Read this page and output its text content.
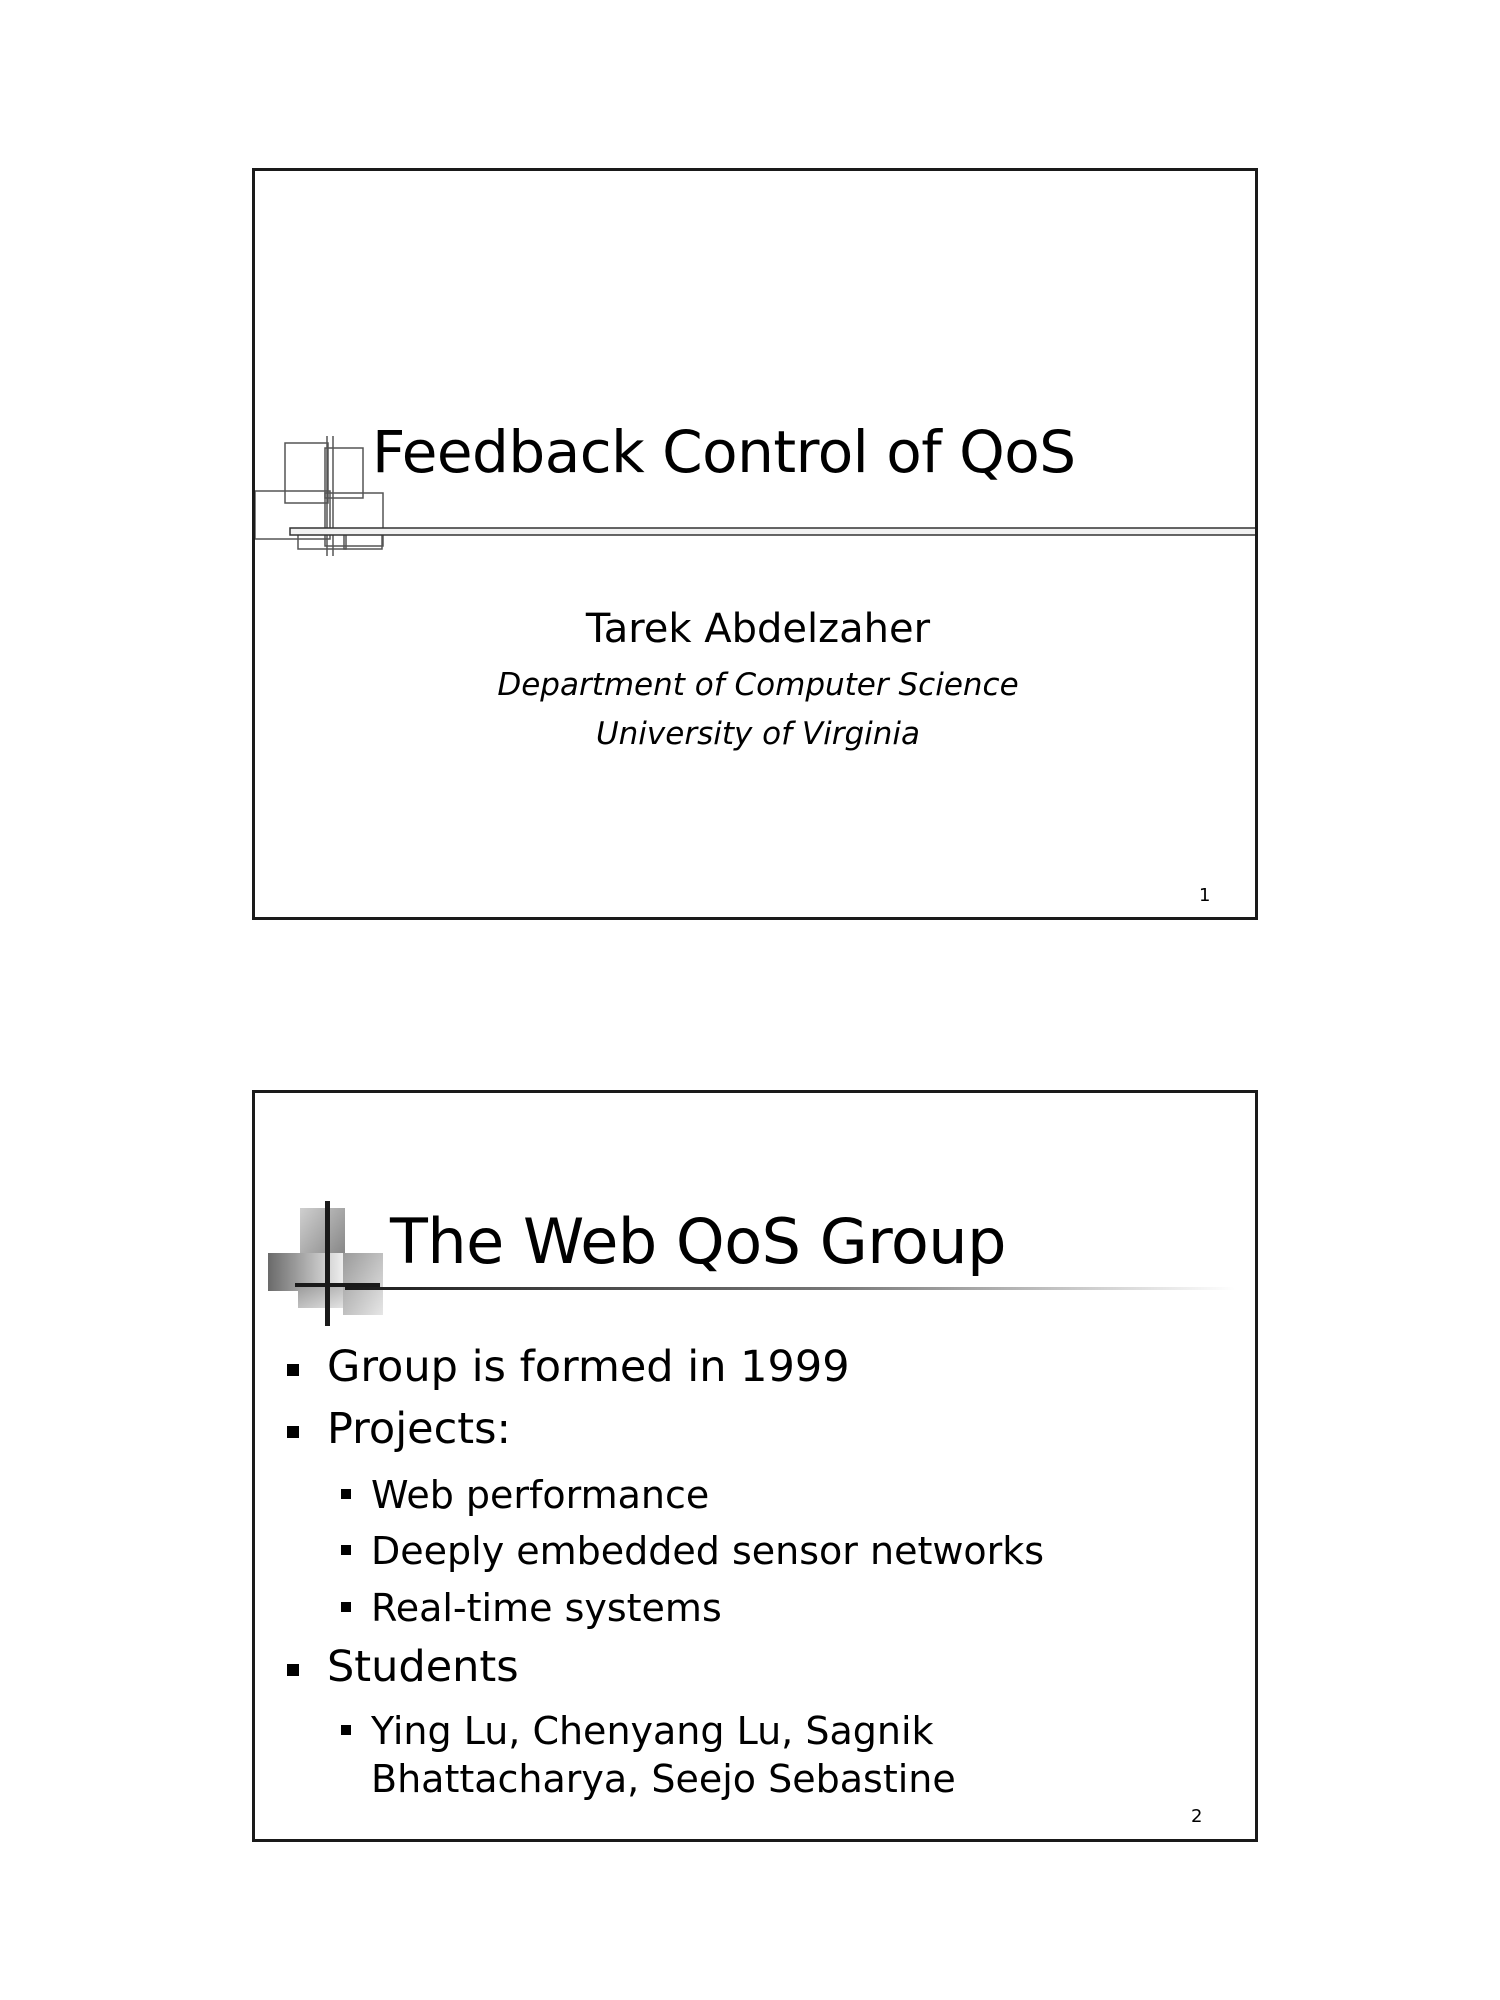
Feedback Control of QoS
Tarek Abdelzaher
Department of Computer Science
University of Virginia
1
The Web QoS Group
Group is formed in 1999
Projects:
Web performance
Deeply embedded sensor networks
Real-time systems
Students
Ying Lu, Chenyang Lu, Sagnik Bhattacharya, Seejo Sebastine
2
